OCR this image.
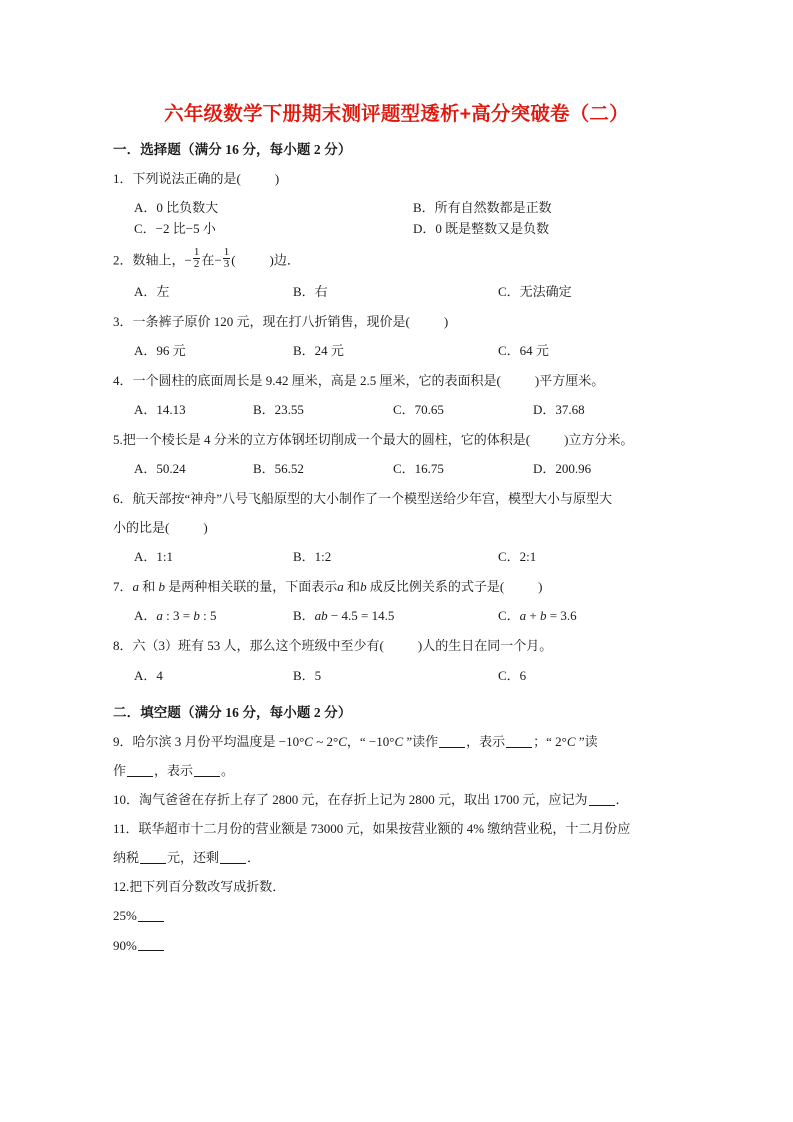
六年级数学下册期末测评题型透析+高分突破卷（二）
一．选择题（满分 16 分，每小题 2 分）
1．下列说法正确的是(	)
A．0 比负数大	B．所有自然数都是正数
C．−2 比−5 小	D．0 既是整数又是负数
2．数轴上，− $\frac{1}{2}$ 在− $\frac{1}{3}$ (	)边．
A．左	B．右	C．无法确定
3．一条裤子原价 120 元，现在打八折销售，现价是(	)
A．96 元	B．24 元	C．64 元
4．一个圆柱的底面周长是 9.42 厘米，高是 2.5 厘米，它的表面积是(	)平方厘米。
A．14.13	B．23.55	C．70.65	D．37.68
5.把一个棱长是 4 分米的立方体钢坯切削成一个最大的圆柱，它的体积是(	)立方分米。
A．50.24	B．56.52	C．16.75	D．200.96
6．航天部按“神舟”八号飞船原型的大小制作了一个模型送给少年宫，模型大小与原型大
小的比是(	)
A．1:1	B．1:2	C．2:1
7．a 和 b 是两种相关联的量，下面表示a 和b 成反比例关系的式子是(	)
A．a : 3 = b : 5	B．ab − 4.5 = 14.5	C．a + b = 3.6
8．六（3）班有 53 人，那么这个班级中至少有(	)人的生日在同一个月。
A．4	B．5	C．6
二．填空题（满分 16 分，每小题 2 分）
9．哈尔滨 3 月份平均温度是 −10°C ~ 2°C，“ −10°C ”读作 ，表示 ；“ 2°C ”读
作 ，表示 。
10．淘气爸爸在存折上存了 2800 元，在存折上记为 2800 元，取出 1700 元，应记为 ．
11．联华超市十二月份的营业额是 73000 元，如果按营业额的 4% 缴纳营业税，十二月份应
纳税 元，还剩 ．
12.把下列百分数改写成折数．
25%
90%
